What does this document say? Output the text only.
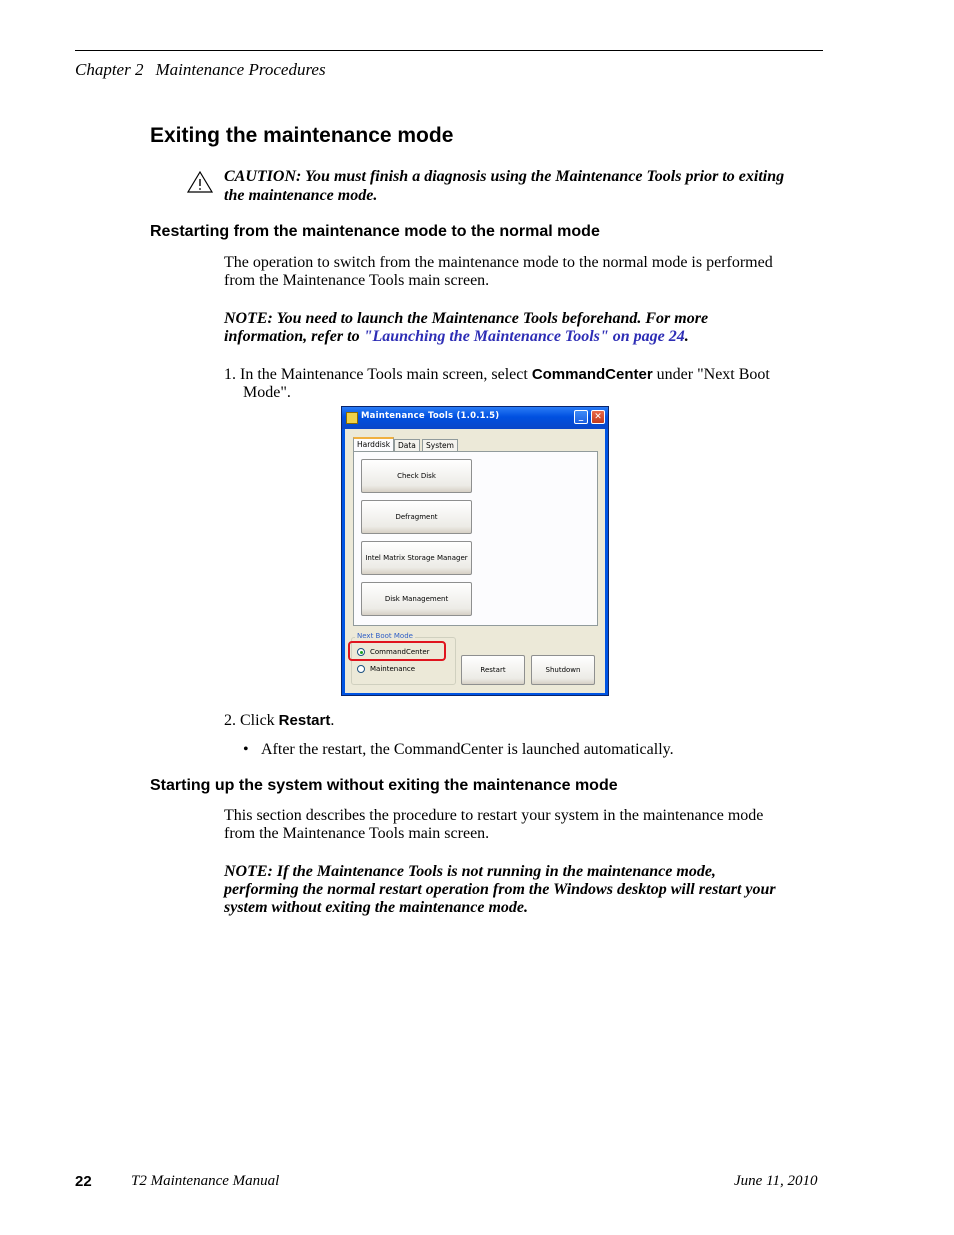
Chapter 2 Maintenance Procedures
Exiting the maintenance mode
CAUTION: You must finish a diagnosis using the Maintenance Tools prior to exiting the maintenance mode.
Restarting from the maintenance mode to the normal mode
The operation to switch from the maintenance mode to the normal mode is performed
from the Maintenance Tools main screen.
NOTE: You need to launch the Maintenance Tools beforehand. For more
information, refer to "Launching the Maintenance Tools" on page 24.
1. In the Maintenance Tools main screen, select CommandCenter under "Next Boot
Mode".
Maintenance Tools (1.0.1.5)	_	✕
Harddisk	Data	System
Check Disk
Defragment
Intel Matrix Storage Manager
Disk Management
Next Boot Mode
CommandCenter
Maintenance	Restart	Shutdown
2. Click Restart.
• After the restart, the CommandCenter is launched automatically.
Starting up the system without exiting the maintenance mode
This section describes the procedure to restart your system in the maintenance mode
from the Maintenance Tools main screen.
NOTE: If the Maintenance Tools is not running in the maintenance mode,
performing the normal restart operation from the Windows desktop will restart your
system without exiting the maintenance mode.
22	T2 Maintenance Manual	June 11, 2010
